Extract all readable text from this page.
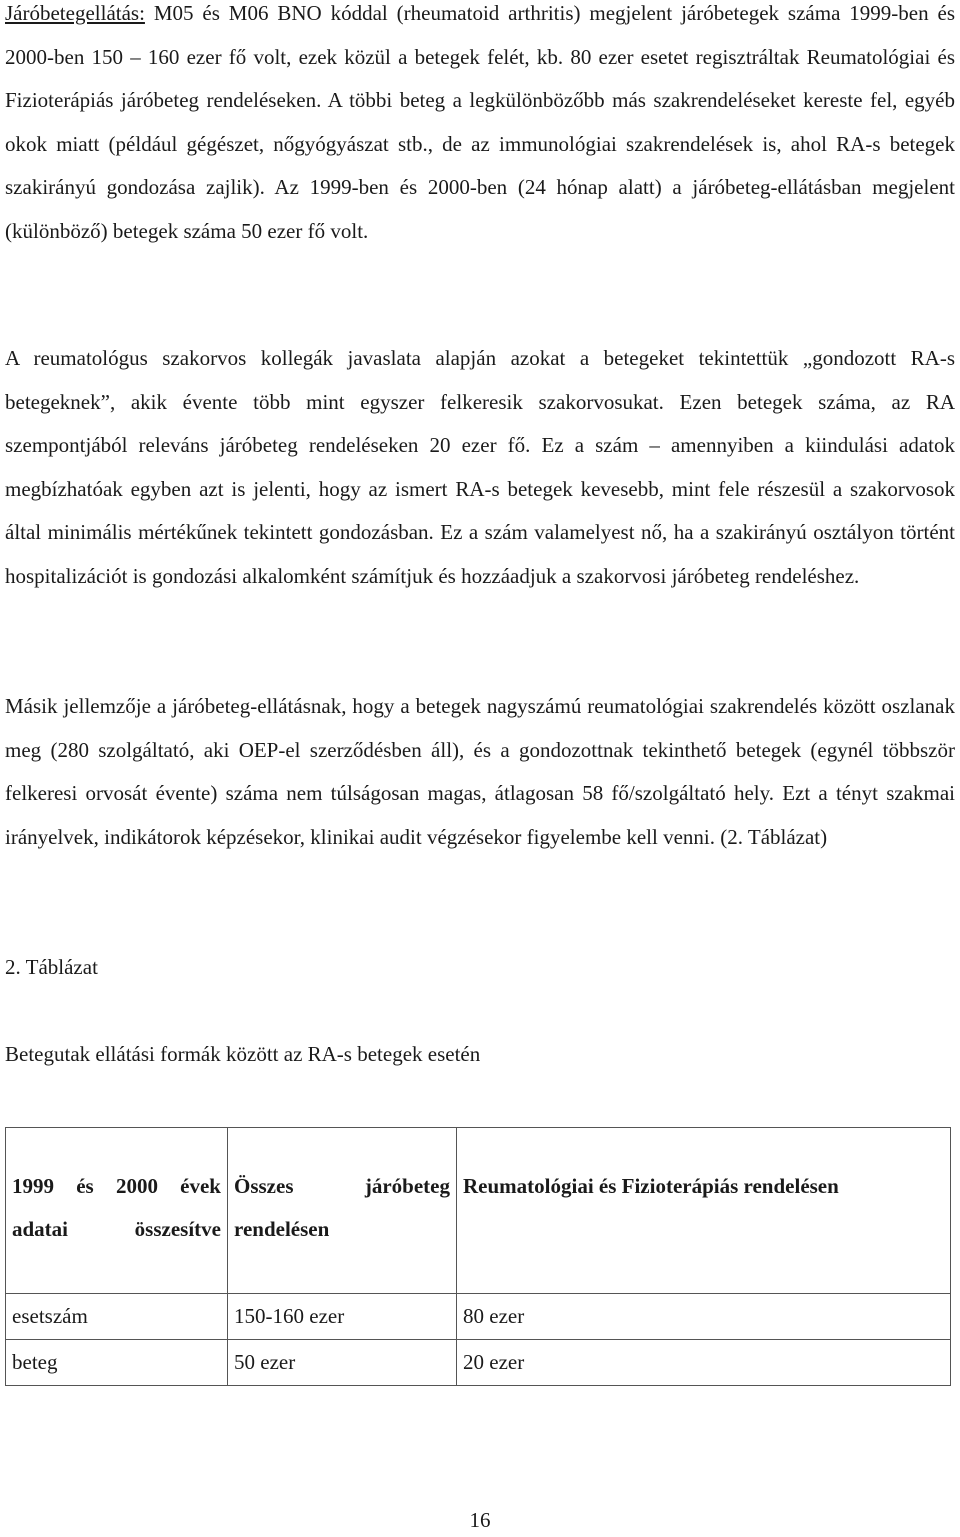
Járóbetegellátás: M05 és M06 BNO kóddal (rheumatoid arthritis) megjelent járóbetegek száma 1999-ben és 2000-ben 150 – 160 ezer fő volt, ezek közül a betegek felét, kb. 80 ezer esetet regisztráltak Reumatológiai és Fizioterápiás járóbeteg rendeléseken. A többi beteg a legkülönbözőbb más szakrendeléseket kereste fel, egyéb okok miatt (például gégészet, nőgyógyászat stb., de az immunológiai szakrendelések is, ahol RA-s betegek szakirányú gondozása zajlik). Az 1999-ben és 2000-ben (24 hónap alatt) a járóbeteg-ellátásban megjelent (különböző) betegek száma 50 ezer fő volt.

A reumatológus szakorvos kollegák javaslata alapján azokat a betegeket tekintettük „gondozott RA-s betegeknek”, akik évente több mint egyszer felkeresik szakorvosukat. Ezen betegek száma, az RA szempontjából releváns járóbeteg rendeléseken 20 ezer fő. Ez a szám – amennyiben a kiindulási adatok megbízhatóak egyben azt is jelenti, hogy az ismert RA-s betegek kevesebb, mint fele részesül a szakorvosok által minimális mértékűnek tekintett gondozásban. Ez a szám valamelyest nő, ha a szakirányú osztályon történt hospitalizációt is gondozási alkalomként számítjuk és hozzáadjuk a szakorvosi járóbeteg rendeléshez.

Másik jellemzője a járóbeteg-ellátásnak, hogy a betegek nagyszámú reumatológiai szakrendelés között oszlanak meg (280 szolgáltató, aki OEP-el szerződésben áll), és a gondozottnak tekinthető betegek (egynél többször felkeresi orvosát évente) száma nem túlságosan magas, átlagosan 58 fő/szolgáltató hely. Ezt a tényt szakmai irányelvek, indikátorok képzésekor, klinikai audit végzésekor figyelembe kell venni. (2. Táblázat)

2. Táblázat
Betegutak ellátási formák között az RA-s betegek esetén
1999 és 2000 évek adatai összesítve	Összes járóbeteg rendelésen	Reumatológiai és Fizioterápiás rendelésen
esetszám	150-160 ezer	80 ezer
beteg	50 ezer	20 ezer
16
